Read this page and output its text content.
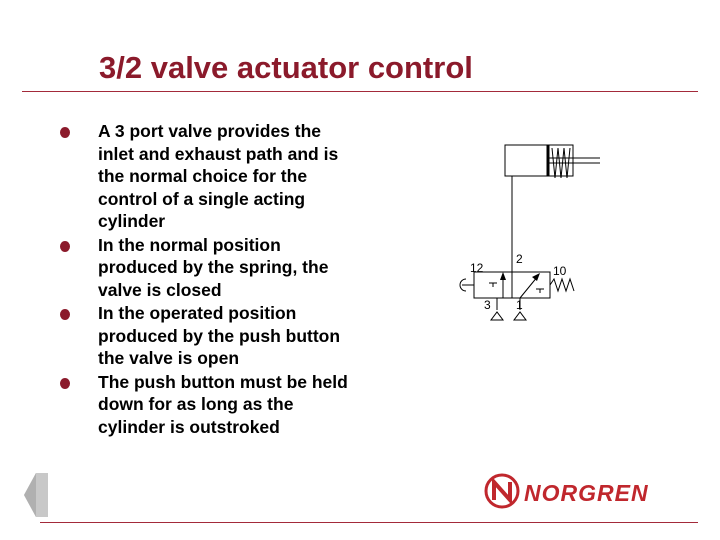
3/2 valve actuator control
A 3 port valve provides the inlet and exhaust path and is the normal choice for the control of a single acting cylinder
In the normal position produced by the spring, the valve is closed
In the operated position produced by the push button the valve is open
The push button must be held down for as long as the cylinder is outstroked
12
2
10
3 1
NORGREN
